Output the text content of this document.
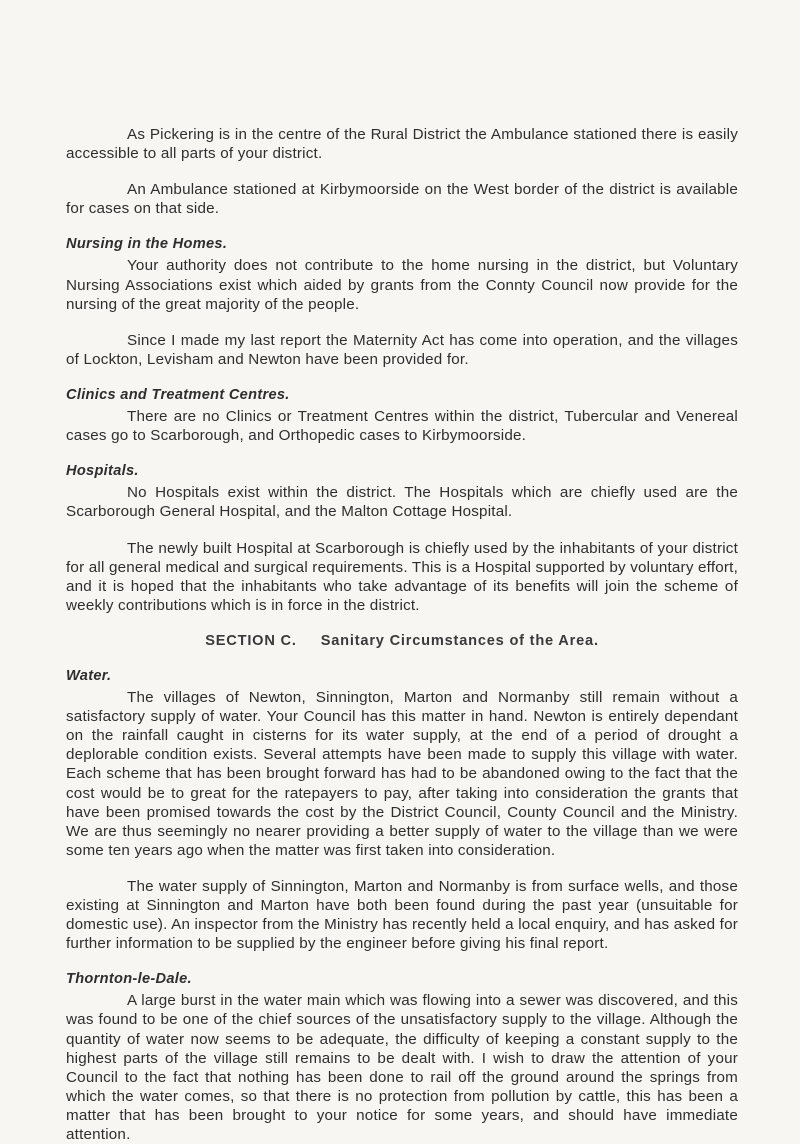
As Pickering is in the centre of the Rural District the Ambulance stationed there is easily accessible to all parts of your district.

An Ambulance stationed at Kirbymoorside on the West border of the district is available for cases on that side.

Nursing in the Homes.

Your authority does not contribute to the home nursing in the district, but Voluntary Nursing Associations exist which aided by grants from the Connty Council now provide for the nursing of the great majority of the people.

Since I made my last report the Maternity Act has come into operation, and the villages of Lockton, Levisham and Newton have been provided for.

Clinics and Treatment Centres.

There are no Clinics or Treatment Centres within the district, Tubercular and Venereal cases go to Scarborough, and Orthopedic cases to Kirbymoorside.

Hospitals.

No Hospitals exist within the district. The Hospitals which are chiefly used are the Scarborough General Hospital, and the Malton Cottage Hospital.

The newly built Hospital at Scarborough is chiefly used by the inhabitants of your district for all general medical and surgical requirements. This is a Hospital supported by voluntary effort, and it is hoped that the inhabitants who take advantage of its benefits will join the scheme of weekly contributions which is in force in the district.

SECTION C. Sanitary Circumstances of the Area.
Water.

The villages of Newton, Sinnington, Marton and Normanby still remain without a satisfactory supply of water. Your Council has this matter in hand. Newton is entirely dependant on the rainfall caught in cisterns for its water supply, at the end of a period of drought a deplorable condition exists. Several attempts have been made to supply this village with water. Each scheme that has been brought forward has had to be abandoned owing to the fact that the cost would be to great for the ratepayers to pay, after taking into consideration the grants that have been promised towards the cost by the District Council, County Council and the Ministry. We are thus seemingly no nearer providing a better supply of water to the village than we were some ten years ago when the matter was first taken into consideration.

The water supply of Sinnington, Marton and Normanby is from surface wells, and those existing at Sinnington and Marton have both been found during the past year (unsuitable for domestic use). An inspector from the Ministry has recently held a local enquiry, and has asked for further information to be supplied by the engineer before giving his final report.

Thornton-le-Dale.

A large burst in the water main which was flowing into a sewer was discovered, and this was found to be one of the chief sources of the unsatisfactory supply to the village. Although the quantity of water now seems to be adequate, the difficulty of keeping a constant supply to the highest parts of the village still remains to be dealt with. I wish to draw the attention of your Council to the fact that nothing has been done to rail off the ground around the springs from which the water comes, so that there is no protection from pollution by cattle, this has been a matter that has been brought to your notice for some years, and should have immediate attention.
